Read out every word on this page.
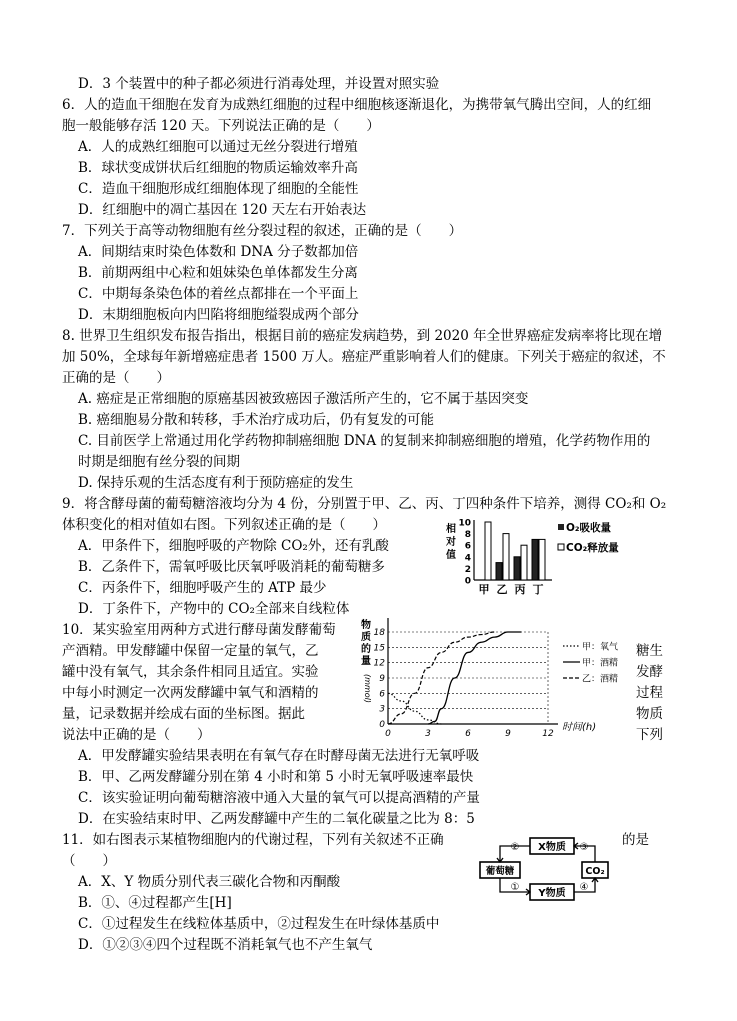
D．3 个装置中的种子都必须进行消毒处理，并设置对照实验
6．人的造血干细胞在发育为成熟红细胞的过程中细胞核逐渐退化，为携带氧气腾出空间，人的红细
胞一般能够存活 120 天。下列说法正确的是（　　）
A．人的成熟红细胞可以通过无丝分裂进行增殖
B．球状变成饼状后红细胞的物质运输效率升高
C．造血干细胞形成红细胞体现了细胞的全能性
D．红细胞中的凋亡基因在 120 天左右开始表达
7．下列关于高等动物细胞有丝分裂过程的叙述，正确的是（　　）
A．间期结束时染色体数和 DNA 分子数都加倍
B．前期两组中心粒和姐妹染色单体都发生分离
C．中期每条染色体的着丝点都排在一个平面上
D．末期细胞板向内凹陷将细胞缢裂成两个部分
8. 世界卫生组织发布报告指出，根据目前的癌症发病趋势，到 2020 年全世界癌症发病率将比现在增
加 50%，全球每年新增癌症患者 1500 万人。癌症严重影响着人们的健康。下列关于癌症的叙述，不
正确的是（　　）
A. 癌症是正常细胞的原癌基因被致癌因子激活所产生的，它不属于基因突变
B. 癌细胞易分散和转移，手术治疗成功后，仍有复发的可能
C. 目前医学上常通过用化学药物抑制癌细胞 DNA 的复制来抑制癌细胞的增殖，化学药物作用的
时期是细胞有丝分裂的间期
D. 保持乐观的生活态度有利于预防癌症的发生
9．将含酵母菌的葡萄糖溶液均分为 4 份，分别置于甲、乙、丙、丁四种条件下培养，测得 CO₂和 O₂
体积变化的相对值如右图。下列叙述正确的是（　　）
A．甲条件下，细胞呼吸的产物除 CO₂外，还有乳酸
B．乙条件下，需氧呼吸比厌氧呼吸消耗的葡萄糖多
C．丙条件下，细胞呼吸产生的 ATP 最少
D．丁条件下，产物中的 CO₂全部来自线粒体
10．某实验室用两种方式进行酵母菌发酵葡萄
产酒精。甲发酵罐中保留一定量的氧气，乙
罐中没有氧气，其余条件相同且适宜。实验
中每小时测定一次两发酵罐中氧气和酒精的
量，记录数据并绘成右面的坐标图。据此
说法中正确的是（　　）
A．甲发酵罐实验结果表明在有氧气存在时酵母菌无法进行无氧呼吸
B．甲、乙两发酵罐分别在第 4 小时和第 5 小时无氧呼吸速率最快
C．该实验证明向葡萄糖溶液中通入大量的氧气可以提高酒精的产量
D．在实验结束时甲、乙两发酵罐中产生的二氧化碳量之比为 8：5
11．如右图表示某植物细胞内的代谢过程，下列有关叙述不正确
（　　）
A．X、Y 物质分别代表三碳化合物和丙酮酸
B．①、④过程都产生[H]
C．①过程发生在线粒体基质中，②过程发生在叶绿体基质中
D．①②③④四个过程既不消耗氧气也不产生氧气
糖生
发酵
过程
物质
下列
的是
相
对
值
0
2
4
6
8
10
甲 乙 丙 丁
O₂吸收量
CO₂释放量
物
质
的
量
(mmol)
0
3
6
9
12
15
18
0	3	6	9	12
时间(h)
甲：氧气
甲：酒精
乙：酒精
X物质
葡萄糖
Y物质
CO₂
②
①
③
④
